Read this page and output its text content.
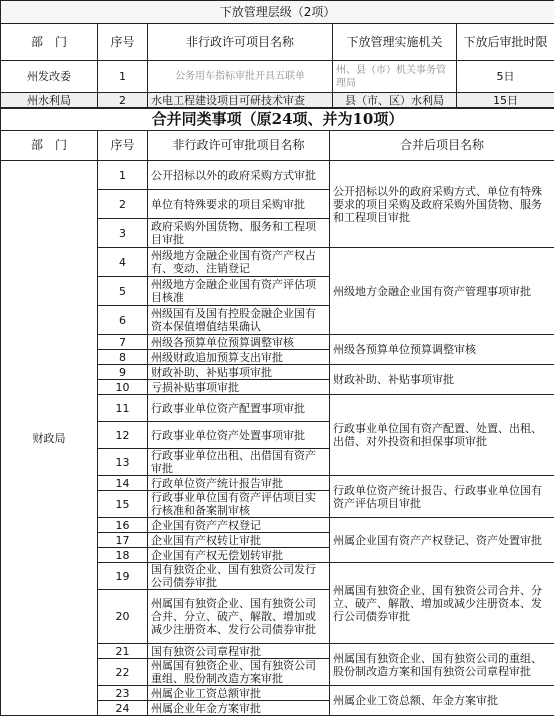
下放管理层级（2项）				
部　门	序号	非行政许可项目名称	下放管理实施机关	下放后审批时限
州发改委	1	公务用车指标审批开具五联单	州、县（市）机关事务管理局	5日
州水利局	2	水电工程建设项目可研技术审查	县（市、区）水利局	15日
合并同类事项（原24项、并为10项）			
部　门	序号	非行政许可审批项目名称	合并后项目名称
财政局	1	公开招标以外的政府采购方式审批	公开招标以外的政府采购方式、单位有特殊要求的项目采购及政府采购外国货物、服务和工程项目审批
	2	单位有特殊要求的项目采购审批	
	3	政府采购外国货物、服务和工程项目审批	
	4	州级地方金融企业国有资产产权占有、变动、注销登记	州级地方金融企业国有资产管理事项审批
	5	州级地方金融企业国有资产评估项目核准	
	6	州级国有及国有控股金融企业国有资本保值增值结果确认	
	7	州级各预算单位预算调整审核	州级各预算单位预算调整审核
	8	州级财政追加预算支出审批	
	9	财政补助、补贴事项审批	财政补助、补贴事项审批
	10	亏损补贴事项审批	
	11	行政事业单位资产配置事项审批	行政事业单位国有资产配置、处置、出租、出借、对外投资和担保事项审批
	12	行政事业单位资产处置事项审批	
	13	行政事业单位出租、出借国有资产审批	
	14	行政单位资产统计报告审批	行政单位资产统计报告、行政事业单位国有资产评估项目审批
	15	行政事业单位国有资产评估项目实行核准和备案制审核	
	16	企业国有资产产权登记	州属企业国有资产产权登记、资产处置审批
	17	企业国有产权转让审批	
	18	企业国有产权无偿划转审批	
	19	国有独资企业、国有独资公司发行公司债券审批	州属国有独资企业、国有独资公司合并、分立、破产、解散、增加或减少注册资本、发行公司债券审批
	20	州属国有独资企业、国有独资公司合并、分立、破产、解散、增加或减少注册资本、发行公司债券审批	
	21	国有独资公司章程审批	州属国有独资企业、国有独资公司的重组、股份制改造方案和国有独资公司章程审批
	22	州属国有独资企业、国有独资公司重组、股份制改造方案审批	
	23	州属企业工资总额审批	州属企业工资总额、年金方案审批
	24	州属企业年金方案审批	
